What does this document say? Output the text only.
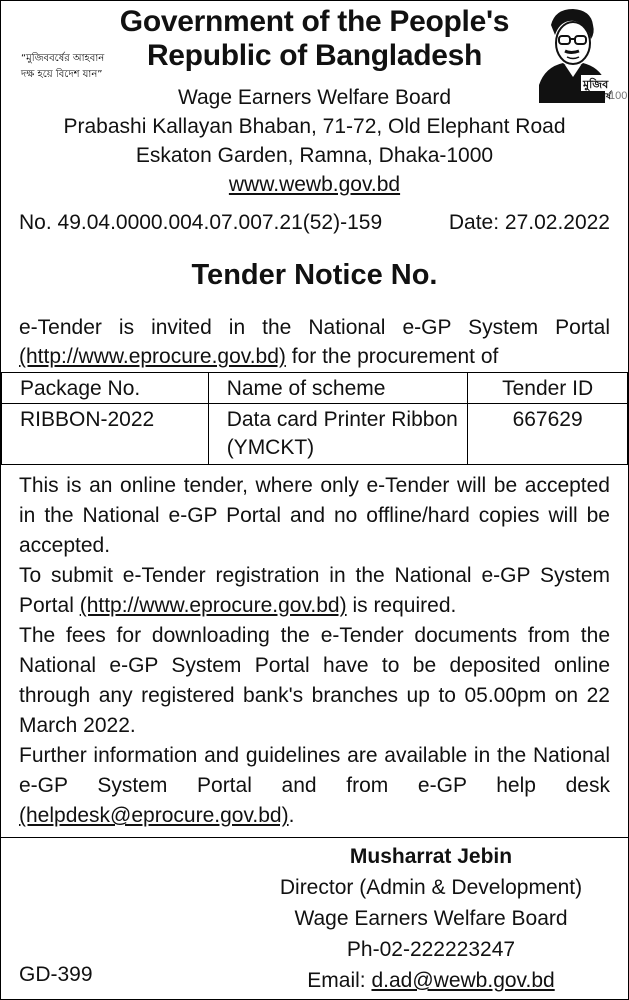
Government of the People's
Republic of Bangladesh
“মুজিববর্ষের আহবান
দক্ষ হয়ে বিদেশ যান”
মুজিব
বর্ষ
100
Wage Earners Welfare Board
Prabashi Kallayan Bhaban, 71-72, Old Elephant Road
Eskaton Garden, Ramna, Dhaka-1000
www.wewb.gov.bd
No. 49.04.0000.004.07.007.21(52)-159	Date: 27.02.2022
Tender Notice No.
e-Tender is invited in the National e-GP System Portal
(http://www.eprocure.gov.bd) for the procurement of
Package No.	Name of scheme	Tender ID
RIBBON-2022	Data card Printer Ribbon (YMCKT)	667629

This is an online tender, where only e-Tender will be accepted in the National e-GP Portal and no offline/hard copies will be accepted.

To submit e-Tender registration in the National e-GP System Portal (http://www.eprocure.gov.bd) is required.

The fees for downloading the e-Tender documents from the National e-GP System Portal have to be deposited online through any registered bank's branches up to 05.00pm on 22 March 2022.

Further information and guidelines are available in the National e-GP System Portal and from e-GP help desk (helpdesk@eprocure.gov.bd).

Musharrat Jebin
Director (Admin & Development)
Wage Earners Welfare Board
Ph-02-222223247
Email: d.ad@wewb.gov.bd
GD-399
